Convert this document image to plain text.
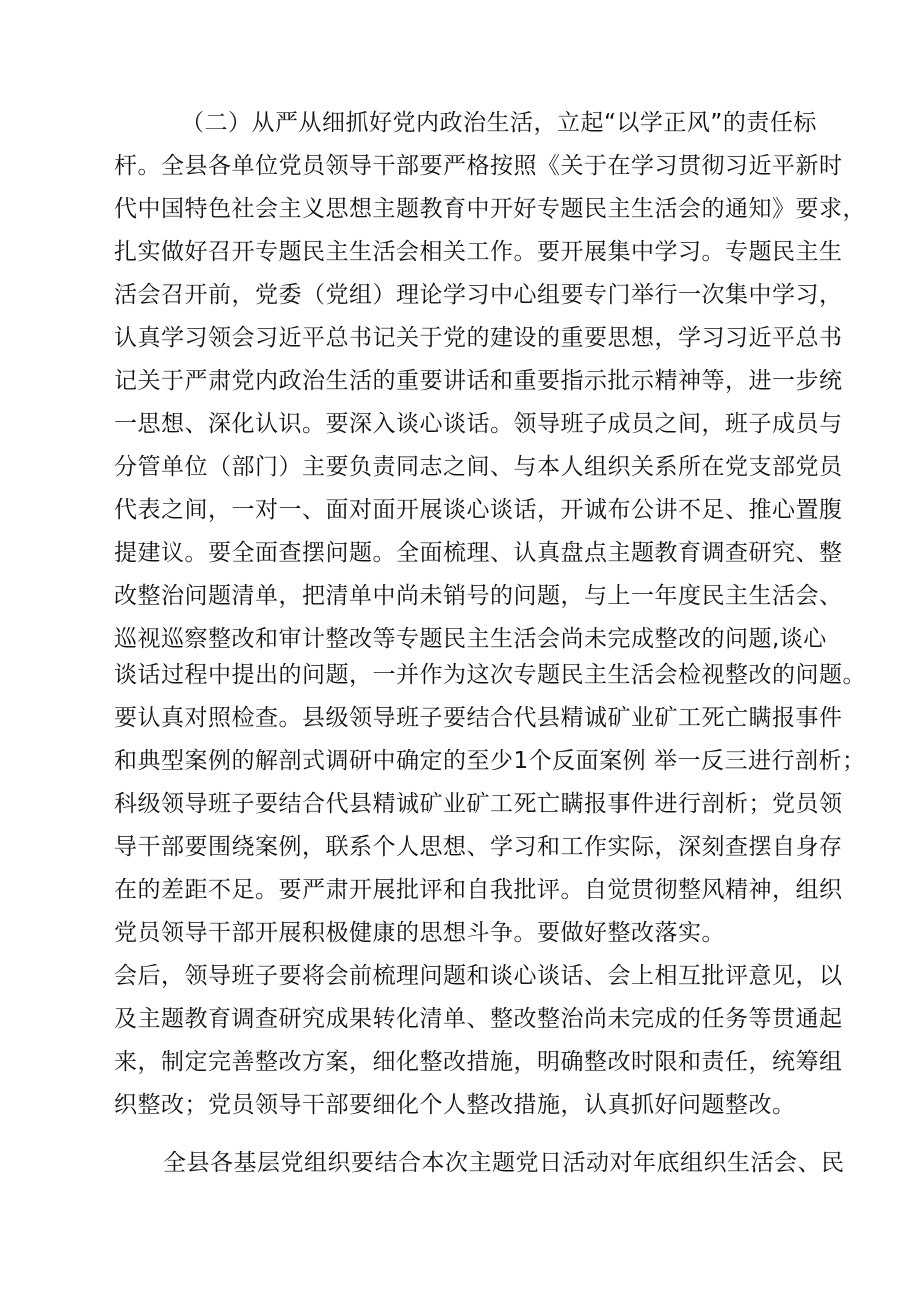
（二）从严从细抓好党内政治生活，立起“以学正风”的责任标
杆。全县各单位党员领导干部要严格按照《关于在学习贯彻习近平新时
代中国特色社会主义思想主题教育中开好专题民主生活会的通知》要求，
扎实做好召开专题民主生活会相关工作。要开展集中学习。专题民主生
活会召开前，党委（党组）理论学习中心组要专门举行一次集中学习，
认真学习领会习近平总书记关于党的建设的重要思想，学习习近平总书
记关于严肃党内政治生活的重要讲话和重要指示批示精神等，进一步统
一思想、深化认识。要深入谈心谈话。领导班子成员之间，班子成员与
分管单位（部门）主要负责同志之间、与本人组织关系所在党支部党员
代表之间，一对一、面对面开展谈心谈话，开诚布公讲不足、推心置腹
提建议。要全面查摆问题。全面梳理、认真盘点主题教育调查研究、整
改整治问题清单，把清单中尚未销号的问题，与上一年度民主生活会、
巡视巡察整改和审计整改等专题民主生活会尚未完成整改的问题,谈心
谈话过程中提出的问题，一并作为这次专题民主生活会检视整改的问题。
要认真对照检查。县级领导班子要结合代县精诚矿业矿工死亡瞒报事件
和典型案例的解剖式调研中确定的至少1个反面案例 举一反三进行剖析；
科级领导班子要结合代县精诚矿业矿工死亡瞒报事件进行剖析；党员领
导干部要围绕案例，联系个人思想、学习和工作实际，深刻查摆自身存
在的差距不足。要严肃开展批评和自我批评。自觉贯彻整风精神，组织
党员领导干部开展积极健康的思想斗争。要做好整改落实。
会后，领导班子要将会前梳理问题和谈心谈话、会上相互批评意见，以
及主题教育调查研究成果转化清单、整改整治尚未完成的任务等贯通起
来，制定完善整改方案，细化整改措施，明确整改时限和责任，统筹组
织整改；党员领导干部要细化个人整改措施，认真抓好问题整改。
全县各基层党组织要结合本次主题党日活动对年底组织生活会、民
